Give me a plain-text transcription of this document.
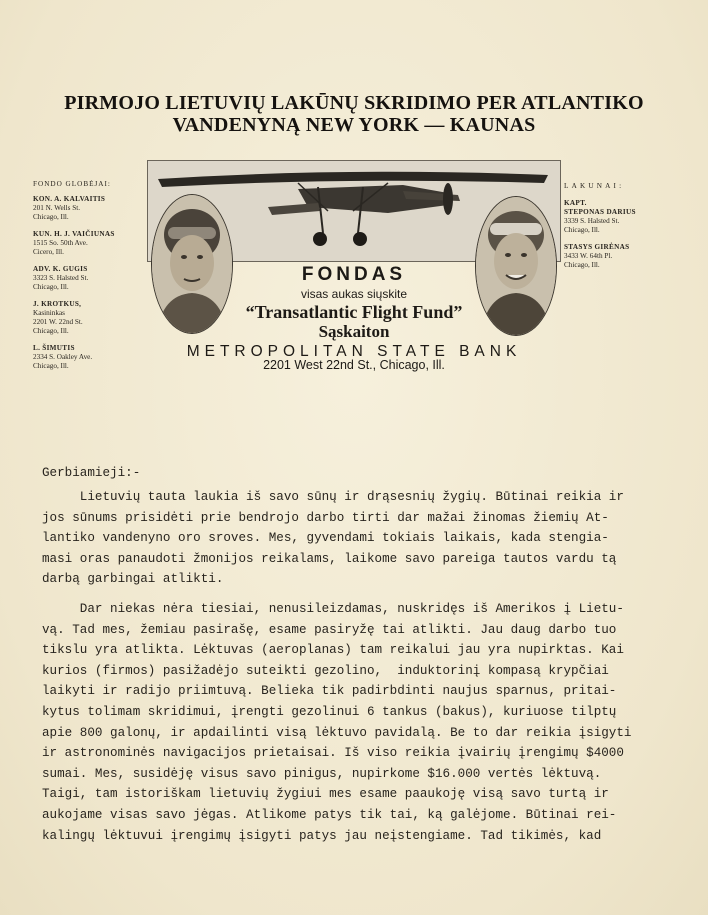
PIRMOJO LIETUVIŲ LAKŪNŲ SKRIDIMO PER ATLANTIKO
VANDENYNĄ NEW YORK — KAUNAS
FONDO GLOBĖJAI:
KON. A. KALVAITIS
201 N. Wells St.
Chicago, Ill.
KUN. H. J. VAIČIUNAS
1515 So. 50th Ave.
Cicero, Ill.
ADV. K. GUGIS
3323 S. Halsted St.
Chicago, Ill.
J. KROTKUS,
Kasininkas
2201 W. 22nd St.
Chicago, Ill.
L. ŠIMUTIS
2334 S. Oakley Ave.
Chicago, Ill.
LAKUNAI:
KAPT.
STEPONAS DARIUS
3339 S. Halsted St.
Chicago, Ill.
STASYS GIRĖNAS
3433 W. 64th Pl.
Chicago, Ill.
FONDAS
visas aukas siųskite
“Transatlantic Flight Fund”
Sąskaiton
METROPOLITAN STATE BANK
2201 West 22nd St., Chicago, Ill.
Gerbiamieji:-
Lietuvių tauta laukia iš savo sūnų ir drąsesnių žygių. Būtinai reikia ir
jos sūnums prisidėti prie bendrojo darbo tirti dar mažai žinomas žiemių At-
lantiko vandenyno oro sroves. Mes, gyvendami tokiais laikais, kada stengia-
masi oras panaudoti žmonijos reikalams, laikome savo pareiga tautos vardu tą
darbą garbingai atlikti.
Dar niekas nėra tiesiai, nenusileizdamas, nuskridęs iš Amerikos į Lietu-
vą. Tad mes, žemiau pasirašę, esame pasiryžę tai atlikti. Jau daug darbo tuo
tikslu yra atlikta. Lėktuvas (aeroplanas) tam reikalui jau yra nupirktas. Kai
kurios (firmos) pasižadėjo suteikti gezolino,  induktorinį kompasą krypčiai
laikyti ir radijo priimtuvą. Belieka tik padirbdinti naujus sparnus, pritai-
kytus tolimam skridimui, įrengti gezolinui 6 tankus (bakus), kuriuose tilptų
apie 800 galonų, ir apdailinti visą lėktuvo pavidalą. Be to dar reikia įsigyti
ir astronominės navigacijos prietaisai. Iš viso reikia įvairių įrengimų $4000
sumai. Mes, susidėję visus savo pinigus, nupirkome $16.000 vertės lėktuvą.
Taigi, tam istoriškam lietuvių žygiui mes esame paaukoję visą savo turtą ir
aukojame visas savo jėgas. Atlikome patys tik tai, ką galėjome. Būtinai rei-
kalingų lėktuvui įrengimų įsigyti patys jau neįstengiame. Tad tikimės, kad
